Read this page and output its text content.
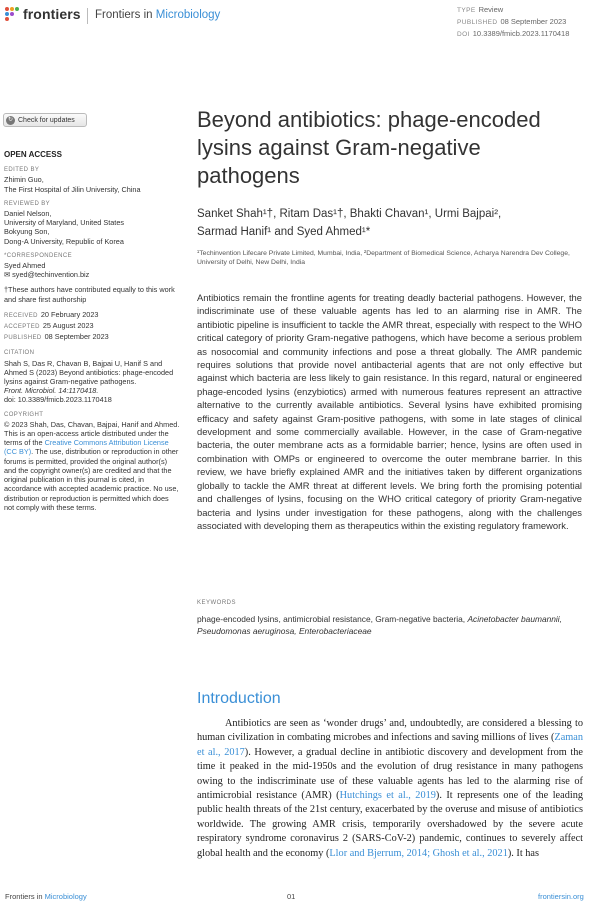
frontiers Frontiers in Microbiology	TYPE Review
PUBLISHED 08 September 2023
DOI 10.3389/fmicb.2023.1170418
↻ Check for updates
OPEN ACCESS
EDITED BY
Zhimin Guo,
The First Hospital of Jilin University, China
REVIEWED BY
Daniel Nelson,
University of Maryland, United States
Bokyung Son,
Dong-A University, Republic of Korea
*CORRESPONDENCE
Syed Ahmed
✉ syed@techinvention.biz
†These authors have contributed equally to this work and share first authorship
RECEIVED 20 February 2023
ACCEPTED 25 August 2023
PUBLISHED 08 September 2023
CITATION
Shah S, Das R, Chavan B, Bajpai U, Hanif S and Ahmed S (2023) Beyond antibiotics: phage-encoded lysins against Gram-negative pathogens.
Front. Microbiol. 14:1170418.
doi: 10.3389/fmicb.2023.1170418
COPYRIGHT
© 2023 Shah, Das, Chavan, Bajpai, Hanif and Ahmed. This is an open-access article distributed under the terms of the Creative Commons Attribution License (CC BY). The use, distribution or reproduction in other forums is permitted, provided the original author(s) and the copyright owner(s) are credited and that the original publication in this journal is cited, in accordance with accepted academic practice. No use, distribution or reproduction is permitted which does not comply with these terms.
Beyond antibiotics: phage-encoded lysins against Gram-negative pathogens
Sanket Shah¹†, Ritam Das¹†, Bhakti Chavan¹, Urmi Bajpai²,
Sarmad Hanif¹ and Syed Ahmed¹*
¹Techinvention Lifecare Private Limited, Mumbai, India, ²Department of Biomedical Science, Acharya Narendra Dev College, University of Delhi, New Delhi, India
Antibiotics remain the frontline agents for treating deadly bacterial pathogens. However, the indiscriminate use of these valuable agents has led to an alarming rise in AMR. The antibiotic pipeline is insufficient to tackle the AMR threat, especially with respect to the WHO critical category of priority Gram-negative pathogens, which have become a serious problem as nosocomial and community infections and pose a threat globally. The AMR pandemic requires solutions that provide novel antibacterial agents that are not only effective but against which bacteria are less likely to gain resistance. In this regard, natural or engineered phage-encoded lysins (enzybiotics) armed with numerous features represent an attractive alternative to the currently available antibiotics. Several lysins have exhibited promising efficacy and safety against Gram-positive pathogens, with some in late stages of clinical development and some commercially available. However, in the case of Gram-negative bacteria, the outer membrane acts as a formidable barrier; hence, lysins are often used in combination with OMPs or engineered to overcome the outer membrane barrier. In this review, we have briefly explained AMR and the initiatives taken by different organizations globally to tackle the AMR threat at different levels. We bring forth the promising potential and challenges of lysins, focusing on the WHO critical category of priority Gram-negative bacteria and lysins under investigation for these pathogens, along with the challenges associated with developing them as therapeutics within the existing regulatory framework.
KEYWORDS
phage-encoded lysins, antimicrobial resistance, Gram-negative bacteria, Acinetobacter baumannii, Pseudomonas aeruginosa, Enterobacteriaceae
Introduction

Antibiotics are seen as ‘wonder drugs’ and, undoubtedly, are considered a blessing to human civilization in combating microbes and infections and saving millions of lives (Zaman et al., 2017). However, a gradual decline in antibiotic discovery and development from the time it peaked in the mid-1950s and the evolution of drug resistance in many pathogens owing to the indiscriminate use of these valuable agents has led to the alarming rise of antimicrobial resistance (AMR) (Hutchings et al., 2019). It represents one of the leading public health threats of the 21st century, exacerbated by the overuse and misuse of antibiotics worldwide. The growing AMR crisis, temporarily overshadowed by the severe acute respiratory syndrome coronavirus 2 (SARS-CoV-2) pandemic, continues to severely affect global health and the economy (Llor and Bjerrum, 2014; Ghosh et al., 2021). It has

Frontiers in Microbiology	01	frontiersin.org
